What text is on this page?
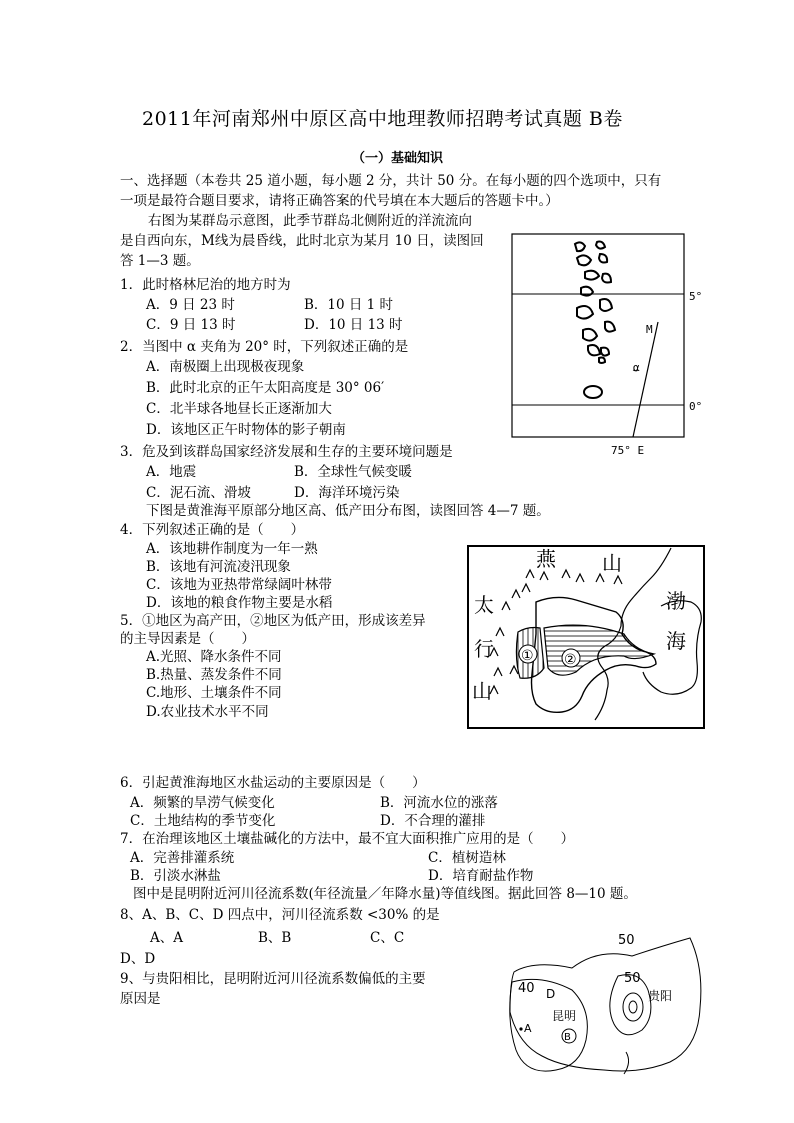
2011年河南郑州中原区高中地理教师招聘考试真题 B卷
（一）基础知识
一、选择题（本卷共 25 道小题，每小题 2 分，共计 50 分。在每小题的四个选项中，只有
一项是最符合题目要求，请将正确答案的代号填在本大题后的答题卡中。）
右图为某群岛示意图，此季节群岛北侧附近的洋流流向
是自西向东，M线为晨昏线，此时北京为某月 10 日，读图回
答 1—3 题。
1．此时格林尼治的地方时为
A．9 日 23 时	B．10 日 1 时
C．9 日 13 时	D．10 日 13 时
2．当图中 α 夹角为 20° 时，下列叙述正确的是
A．南极圈上出现极夜现象
B．此时北京的正午太阳高度是 30° 06′
C．北半球各地昼长正逐渐加大
D．该地区正午时物体的影子朝南
3．危及到该群岛国家经济发展和生存的主要环境问题是
A．地震	B．全球性气候变暖
C．泥石流、滑坡	D．海洋环境污染
下图是黄淮海平原部分地区高、低产田分布图，读图回答 4—7 题。
4．下列叙述正确的是（　　）
A．该地耕作制度为一年一熟
B．该地有河流凌汛现象
C．该地为亚热带常绿阔叶林带
D．该地的粮食作物主要是水稻
5．①地区为高产田，②地区为低产田，形成该差异
的主导因素是（　　）
A.光照、降水条件不同
B.热量、蒸发条件不同
C.地形、土壤条件不同
D.农业技术水平不同
6．引起黄淮海地区水盐运动的主要原因是（　　）
A．频繁的旱涝气候变化	B．河流水位的涨落
C．土地结构的季节变化	D．不合理的灌排
7．在治理该地区土壤盐碱化的方法中，最不宜大面积推广应用的是（　　）
A．完善排灌系统	C．植树造林
B．引淡水淋盐	D．培育耐盐作物
图中是昆明附近河川径流系数(年径流量／年降水量)等值线图。据此回答 8—10 题。
8、A、B、C、D 四点中，河川径流系数 <30% 的是
A、A	B、B	C、C
D、D
9、与贵阳相比，昆明附近河川径流系数偏低的主要
原因是
M
α
5°
0°
75° E
① ②
燕 山
太
行
山
渤
海
50
50
40 D
A
B
昆明
贵阳
